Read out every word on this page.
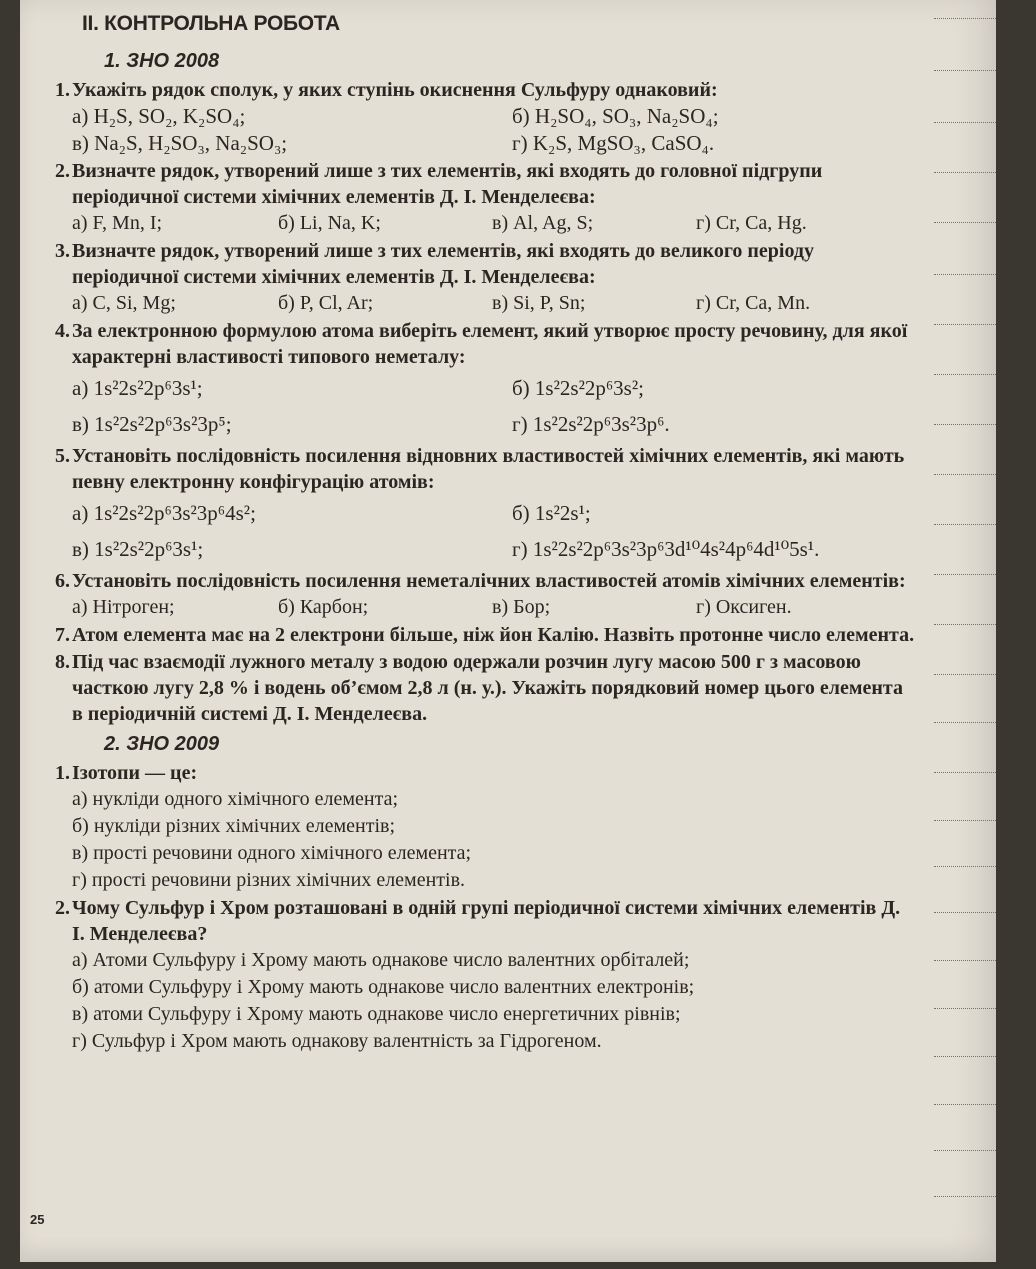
II. КОНТРОЛЬНА РОБОТА
1. ЗНО 2008
1. Укажіть рядок сполук, у яких ступінь окиснення Сульфуру однаковий:
а) H₂S, SO₂, K₂SO₄;	б) H₂SO₄, SO₃, Na₂SO₄;
в) Na₂S, H₂SO₃, Na₂SO₃;	г) K₂S, MgSO₃, CaSO₄.
2. Визначте рядок, утворений лише з тих елементів, які входять до головної підгрупи періодичної системи хімічних елементів Д. І. Менделеєва:
а) F, Mn, I;	б) Li, Na, K;	в) Al, Ag, S;	г) Cr, Ca, Hg.
3. Визначте рядок, утворений лише з тих елементів, які входять до великого періоду періодичної системи хімічних елементів Д. І. Менделеєва:
а) C, Si, Mg;	б) P, Cl, Ar;	в) Si, P, Sn;	г) Cr, Ca, Mn.
4. За електронною формулою атома виберіть елемент, який утворює просту речовину, для якої характерні властивості типового неметалу:
а) 1s²2s²2p⁶3s¹;	б) 1s²2s²2p⁶3s²;
в) 1s²2s²2p⁶3s²3p⁵;	г) 1s²2s²2p⁶3s²3p⁶.
5. Установіть послідовність посилення відновних властивостей хімічних елементів, які мають певну електронну конфігурацію атомів:
а) 1s²2s²2p⁶3s²3p⁶4s²;	б) 1s²2s¹;
в) 1s²2s²2p⁶3s¹;	г) 1s²2s²2p⁶3s²3p⁶3d¹⁰4s²4p⁶4d¹⁰5s¹.
6. Установіть послідовність посилення неметалічних властивостей атомів хімічних елементів:
а) Нітроген;	б) Карбон;	в) Бор;	г) Оксиген.
7. Атом елемента має на 2 електрони більше, ніж йон Калію. Назвіть протонне число елемента.
8. Під час взаємодії лужного металу з водою одержали розчин лугу масою 500 г з масовою часткою лугу 2,8 % і водень об’ємом 2,8 л (н. у.). Укажіть порядковий номер цього елемента в періодичній системі Д. І. Менделеєва.
2. ЗНО 2009
1. Ізотопи — це:
а) нукліди одного хімічного елемента;
б) нукліди різних хімічних елементів;
в) прості речовини одного хімічного елемента;
г) прості речовини різних хімічних елементів.
2. Чому Сульфур і Хром розташовані в одній групі періодичної системи хімічних елементів Д. І. Менделеєва?
а) Атоми Сульфуру і Хрому мають однакове число валентних орбіталей;
б) атоми Сульфуру і Хрому мають однакове число валентних електронів;
в) атоми Сульфуру і Хрому мають однакове число енергетичних рівнів;
г) Сульфур і Хром мають однакову валентність за Гідрогеном.
25
